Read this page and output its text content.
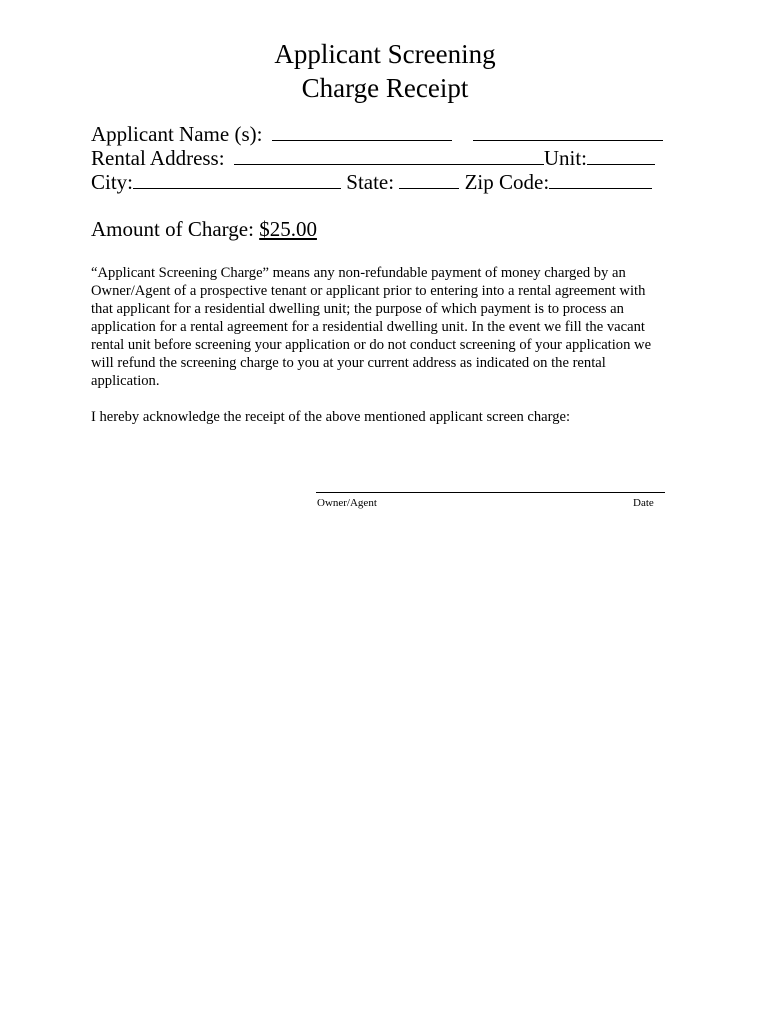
Applicant Screening
Charge Receipt
Applicant Name (s):
Rental Address:	Unit:
City:	State:	Zip Code:
Amount of Charge: $25.00
“Applicant Screening Charge” means any non-refundable payment of money charged by an
Owner/Agent of a prospective tenant or applicant prior to entering into a rental agreement with
that applicant for a residential dwelling unit; the purpose of which payment is to process an
application for a rental agreement for a residential dwelling unit. In the event we fill the vacant
rental unit before screening your application or do not conduct screening of your application we
will refund the screening charge to you at your current address as indicated on the rental
application.
I hereby acknowledge the receipt of the above mentioned applicant screen charge:
Owner/Agent	Date
